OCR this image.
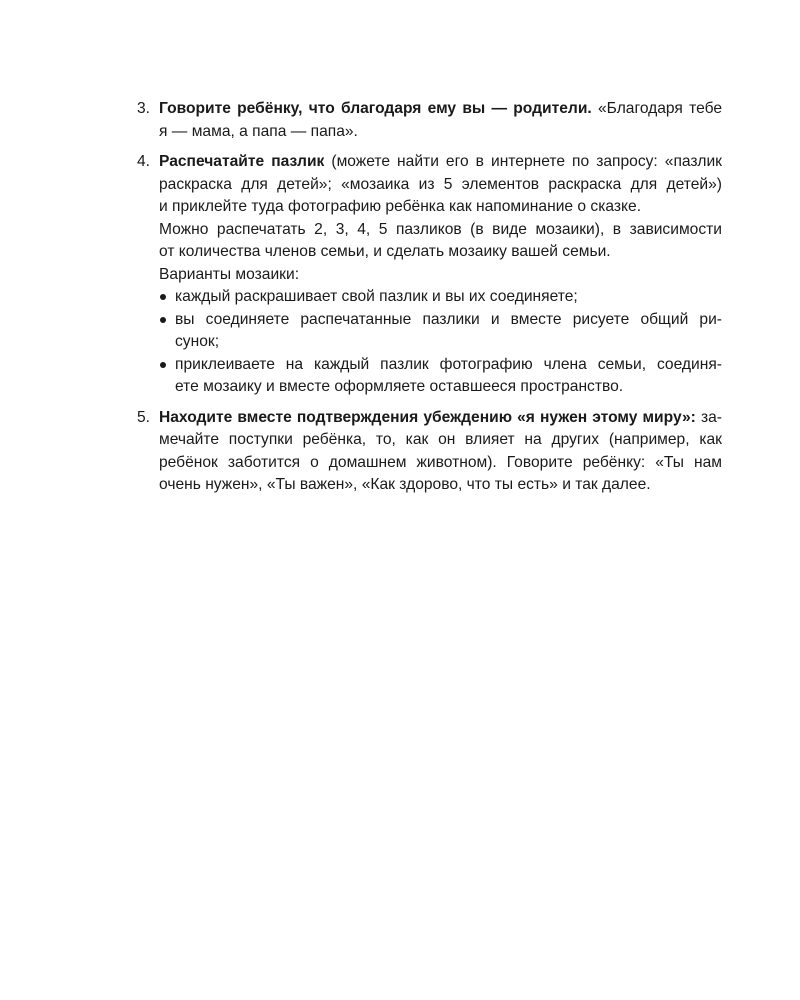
3. Говорите ребёнку, что благодаря ему вы — родители. «Благодаря тебе
я — мама, а папа — папа».
4. Распечатайте пазлик (можете найти его в интернете по запросу: «пазлик
раскраска для детей»; «мозаика из 5 элементов раскраска для детей»)
и приклейте туда фотографию ребёнка как напоминание о сказке.
Можно распечатать 2, 3, 4, 5 пазликов (в виде мозаики), в зависимости
от количества членов семьи, и сделать мозаику вашей семьи.
Варианты мозаики:
каждый раскрашивает свой пазлик и вы их соединяете;
вы соединяете распечатанные пазлики и вместе рисуете общий ри-
сунок;
приклеиваете на каждый пазлик фотографию члена семьи, соединя-
ете мозаику и вместе оформляете оставшееся пространство.
5. Находите вместе подтверждения убеждению «я нужен этому миру»: за-
мечайте поступки ребёнка, то, как он влияет на других (например, как
ребёнок заботится о домашнем животном). Говорите ребёнку: «Ты нам
очень нужен», «Ты важен», «Как здорово, что ты есть» и так далее.
